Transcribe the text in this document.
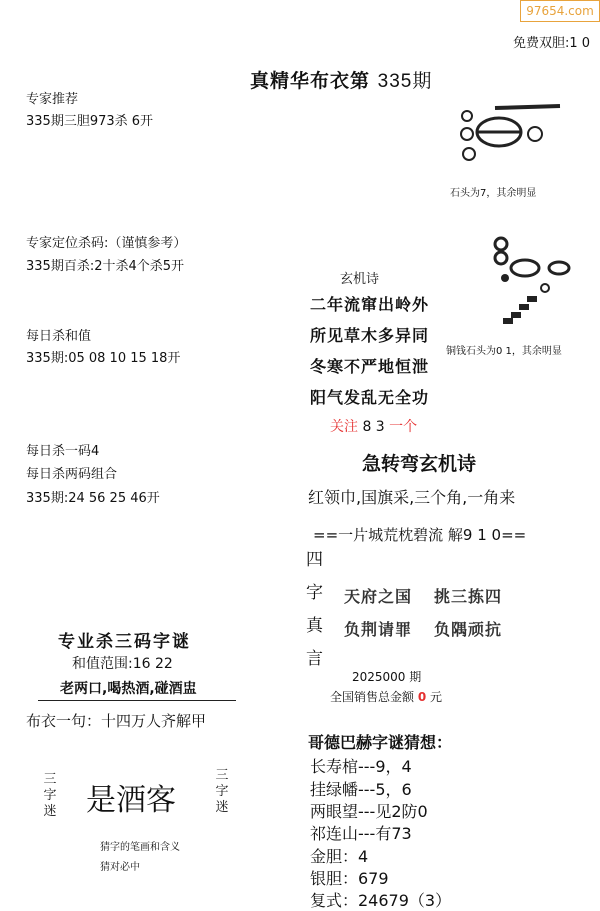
97654.com
免费双胆:1 0
真精华布衣第 335期
专家推荐
335期三胆973杀 6开
专家定位杀码:（谨慎参考）
335期百杀:2十杀4个杀5开
每日杀和值
335期:05 08 10 15 18开
每日杀一码4
每日杀两码组合
335期:24 56 25 46开
石头为7，其余明显
铜钱石头为0 1，其余明显
玄机诗
二年流窜出岭外
所见草木多异同
冬寒不严地恒泄
阳气发乱无全功
关注 8 3 一个
急转弯玄机诗
红领巾,国旗采,三个角,一角来
==一片城荒枕碧流 解9 1 0==
四
字
真
言
天府之国 挑三拣四
负荆请罪 负隅顽抗
2025000 期
全国销售总金额 0 元
哥德巴赫字谜猜想：
长寿棺---9，4
挂绿幡---5，6
两眼望---见2防0
祁连山---有73
金胆：4
银胆：679
复式：24679（3）
专业杀三码字谜
和值范围:16 22
老两口,喝热酒,碰酒盅
布衣一句：十四万人齐解甲
三字迷 是酒客
三字迷
猜字的笔画和含义
猜对必中
